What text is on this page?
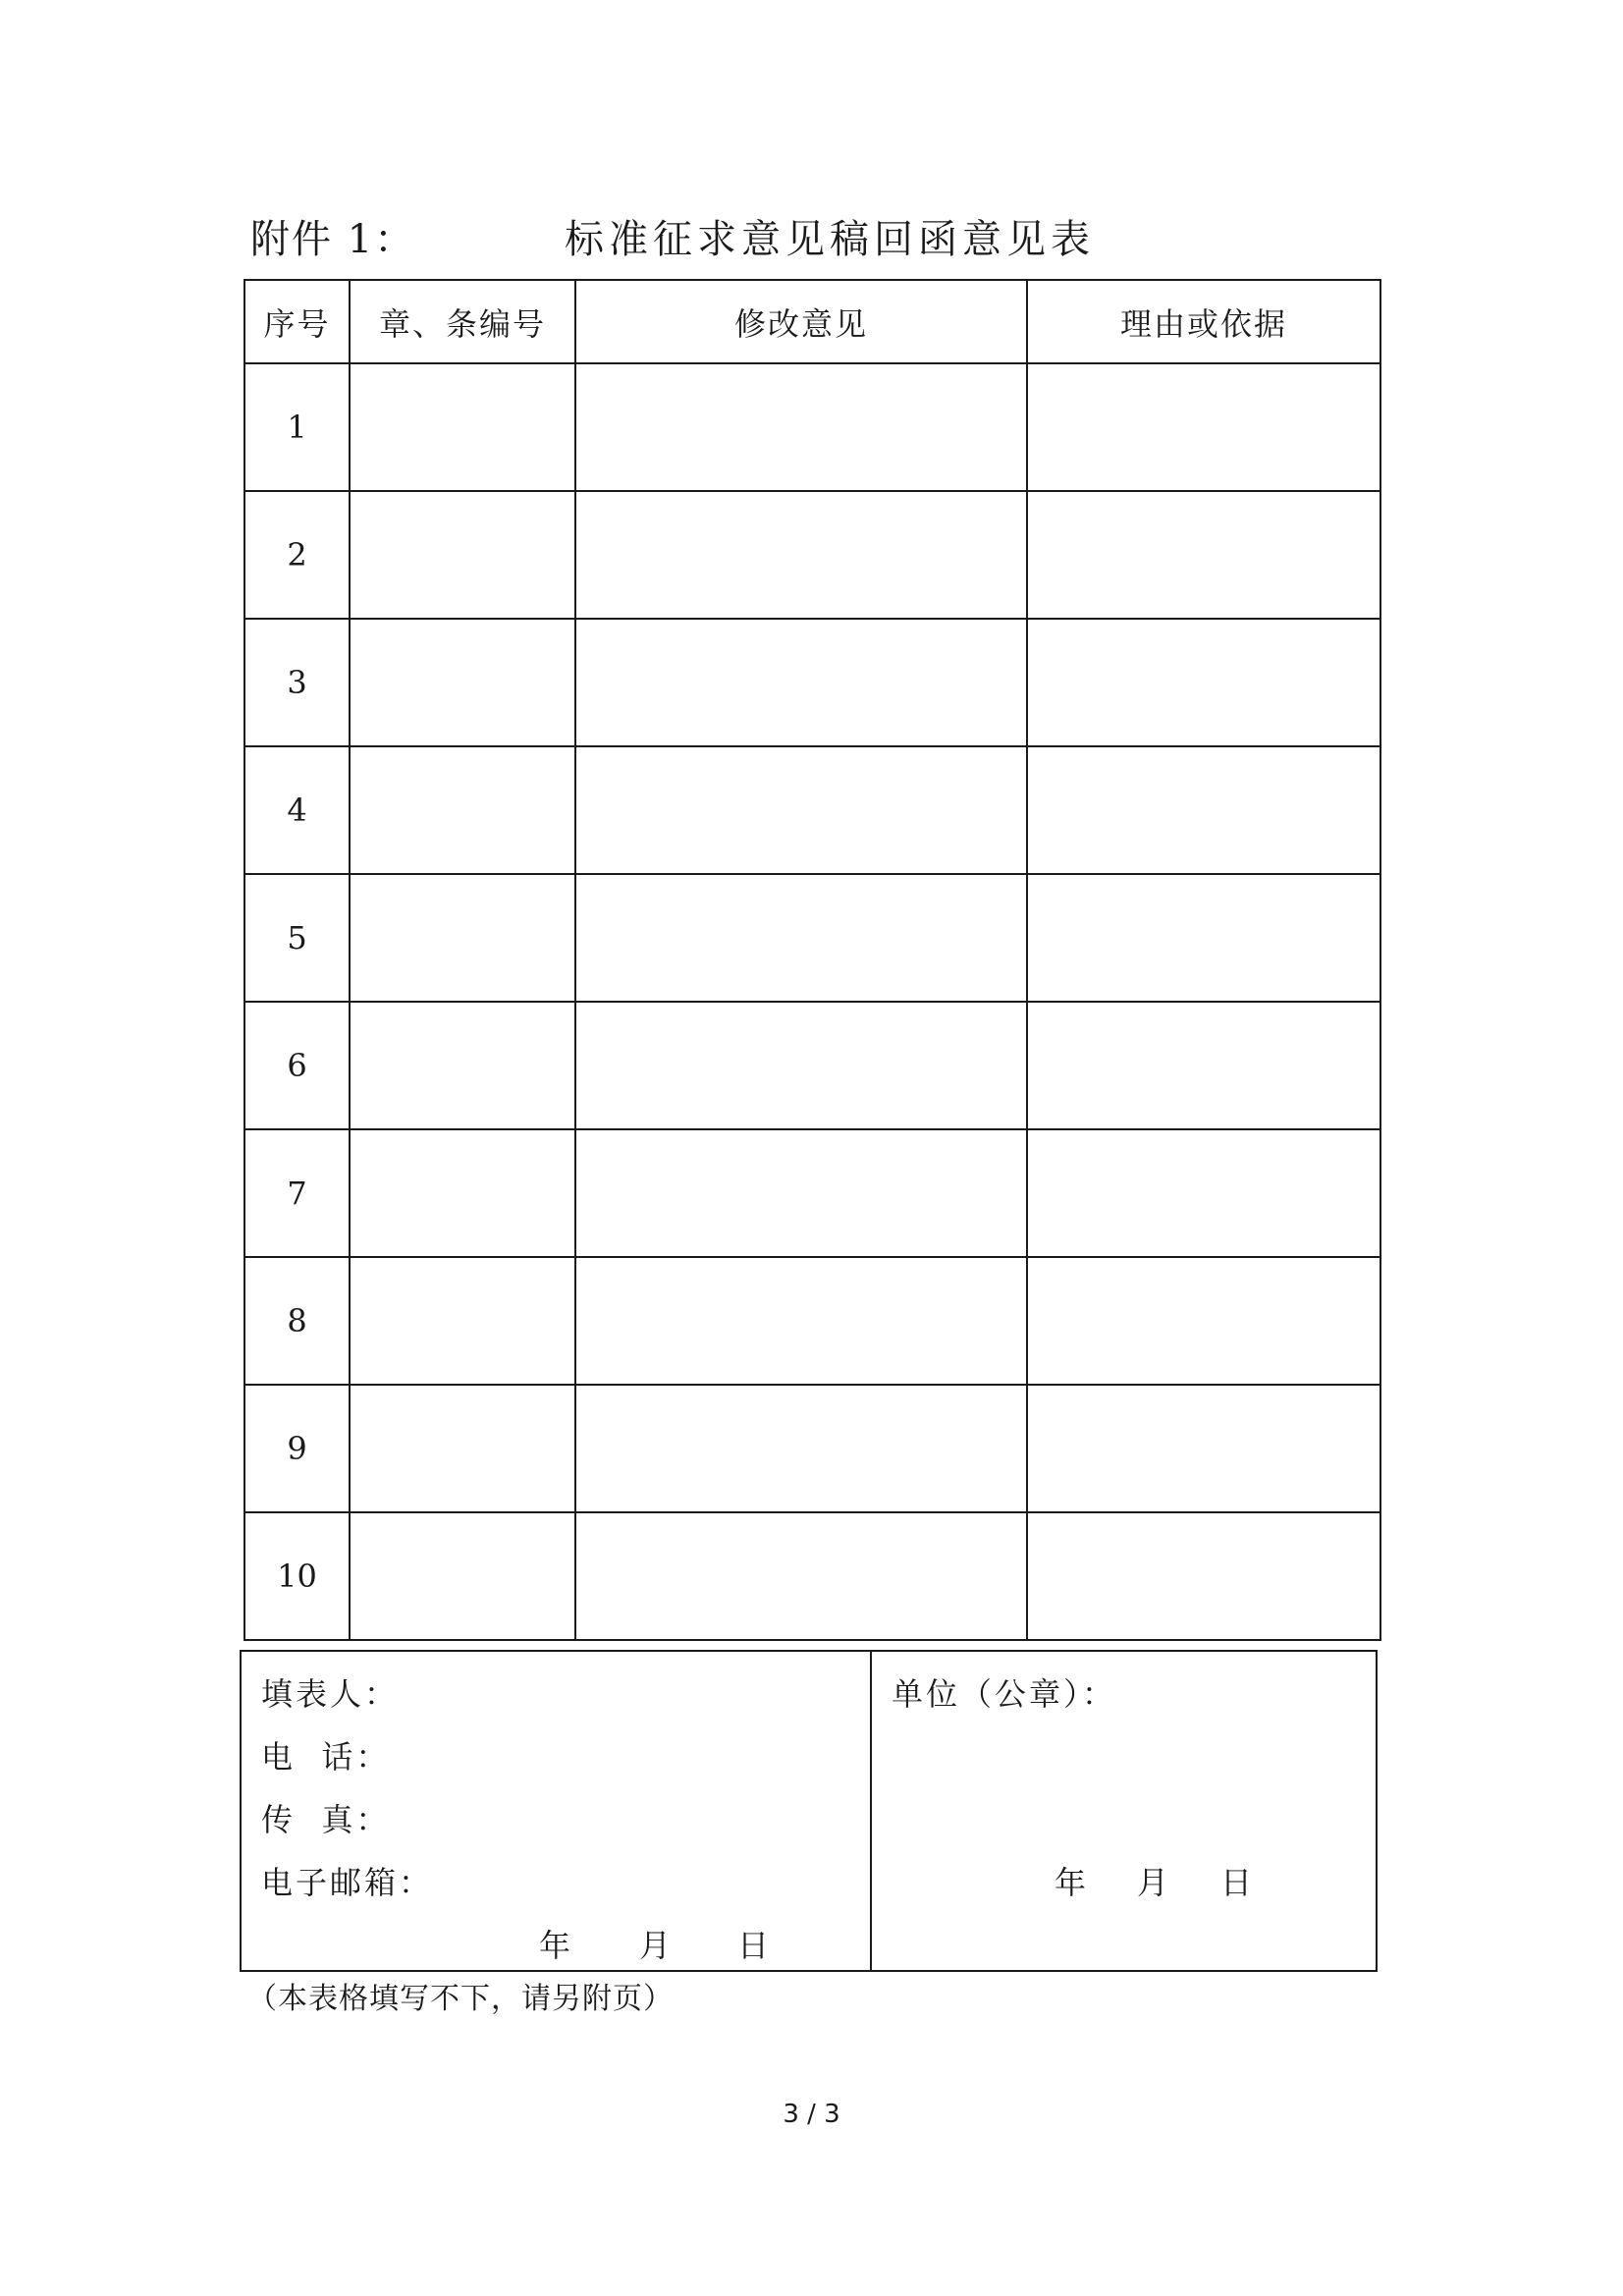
附件 1：	标准征求意见稿回函意见表
序号	章、条编号	修改意见	理由或依据
1			
2			
3			
4			
5			
6			
7			
8			
9			
10			
填表人：
电  话：
传  真：
电子邮箱：
年 月 日

单位（公章）：
年 月 日
（本表格填写不下，请另附页）
3 / 3
